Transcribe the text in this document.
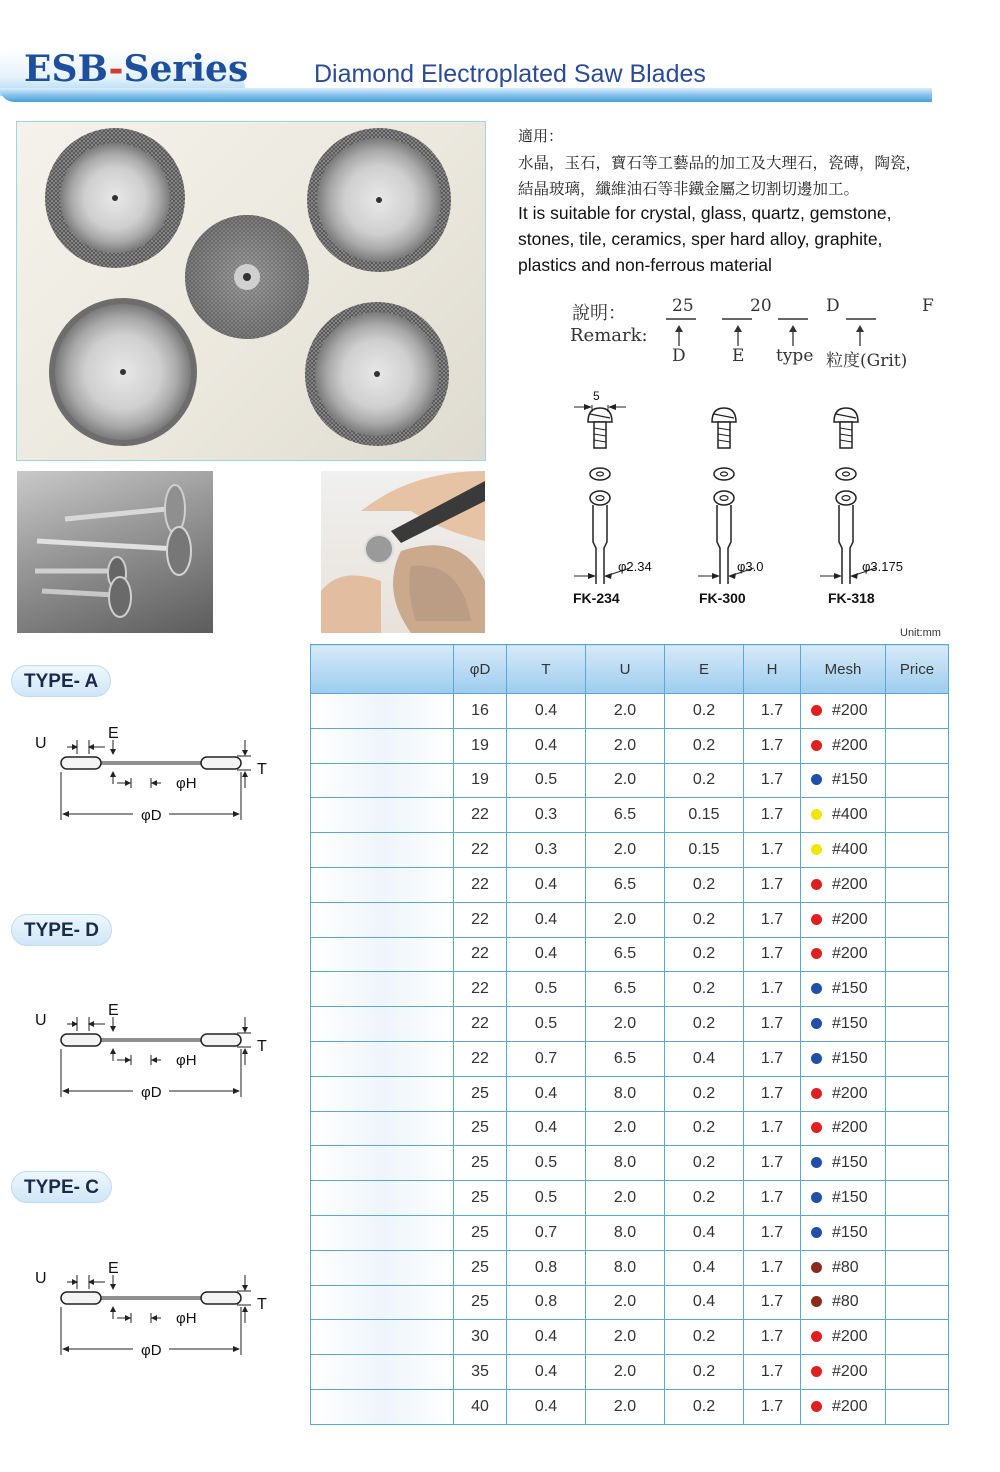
ESB-Series	Diamond Electroplated Saw Blades
適用：
水晶，玉石，寶石等工藝品的加工及大理石，瓷磚，陶瓷，
結晶玻璃，纖維油石等非鐵金屬之切割切邊加工。
It is suitable for crystal, glass, quartz, gemstone,
stones, tile, ceramics, sper hard alloy, graphite,
plastics and non-ferrous material
說明：
Remark:
25	20	D	F
D	E type 粒度(Grit)
5
φ2.34	φ3.0	φ3.175
FK-234	FK-300	FK-318
TYPE- A
TYPE- D
TYPE- C
U
E
T
φH
φD
U
E
T
φH
φD
U
E
T
φH
φD
Unit:mm
	φD	T	U	E	H	Mesh	Price
	16	0.4	2.0	0.2	1.7	#200	
	19	0.4	2.0	0.2	1.7	#200	
	19	0.5	2.0	0.2	1.7	#150	
	22	0.3	6.5	0.15	1.7	#400	
	22	0.3	2.0	0.15	1.7	#400	
	22	0.4	6.5	0.2	1.7	#200	
	22	0.4	2.0	0.2	1.7	#200	
	22	0.4	6.5	0.2	1.7	#200	
	22	0.5	6.5	0.2	1.7	#150	
	22	0.5	2.0	0.2	1.7	#150	
	22	0.7	6.5	0.4	1.7	#150	
	25	0.4	8.0	0.2	1.7	#200	
	25	0.4	2.0	0.2	1.7	#200	
	25	0.5	8.0	0.2	1.7	#150	
	25	0.5	2.0	0.2	1.7	#150	
	25	0.7	8.0	0.4	1.7	#150	
	25	0.8	8.0	0.4	1.7	#80	
	25	0.8	2.0	0.4	1.7	#80	
	30	0.4	2.0	0.2	1.7	#200	
	35	0.4	2.0	0.2	1.7	#200	
	40	0.4	2.0	0.2	1.7	#200	
